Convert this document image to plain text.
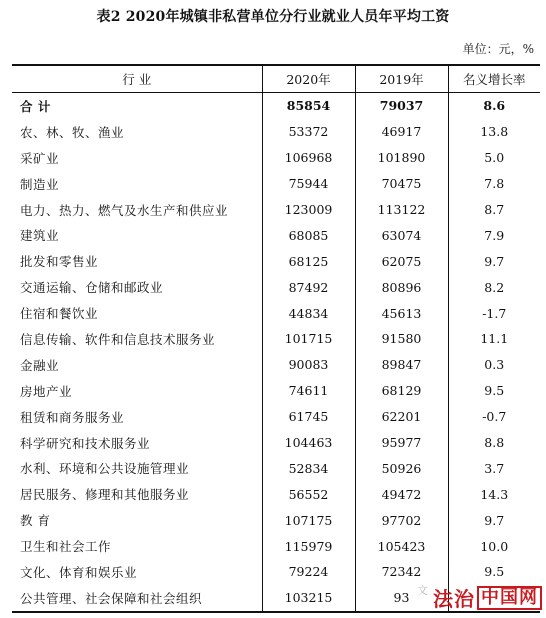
表2 2020年城镇非私营单位分行业就业人员年平均工资
单位：元，%
行 业	2020年	2019年	名义增长率
合 计	85854	79037	8.6
农、林、牧、渔业	53372	46917	13.8
采矿业	106968	101890	5.0
制造业	75944	70475	7.8
电力、热力、燃气及水生产和供应业	123009	113122	8.7
建筑业	68085	63074	7.9
批发和零售业	68125	62075	9.7
交通运输、仓储和邮政业	87492	80896	8.2
住宿和餐饮业	44834	45613	-1.7
信息传输、软件和信息技术服务业	101715	91580	11.1
金融业	90083	89847	0.3
房地产业	74611	68129	9.5
租赁和商务服务业	61745	62201	-0.7
科学研究和技术服务业	104463	95977	8.8
水利、环境和公共设施管理业	52834	50926	3.7
居民服务、修理和其他服务业	56552	49472	14.3
教 育	107175	97702	9.7
卫生和社会工作	115979	105423	10.0
文化、体育和娱乐业	79224	72342	9.5
公共管理、社会保障和社会组织	103215	93	文 法治 中国网
